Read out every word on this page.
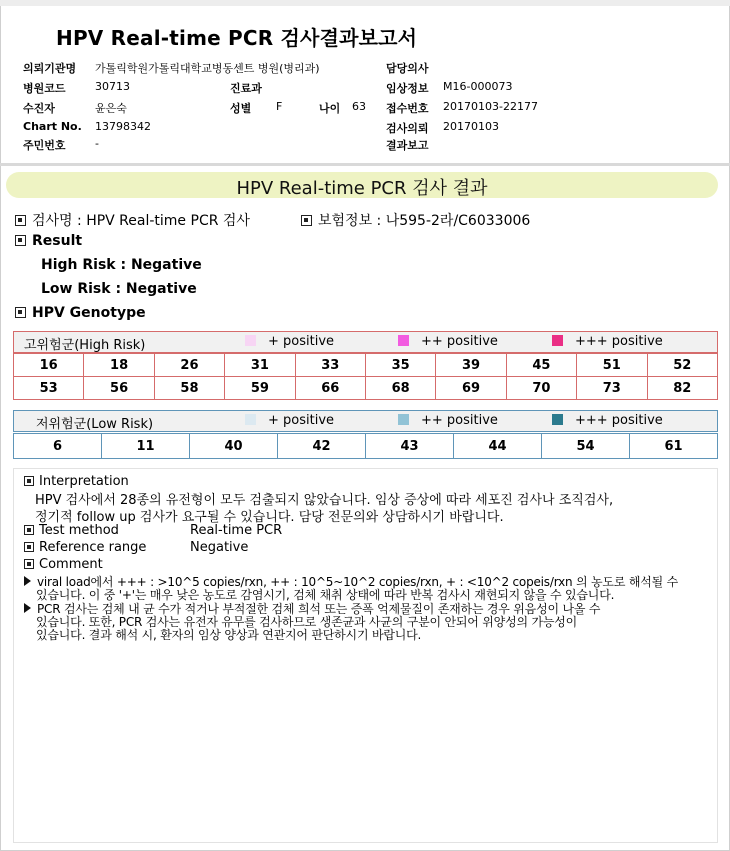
HPV Real-time PCR 검사결과보고서
의뢰기관명 가톨릭학원가톨릭대학교병동센트 병원(병리과)	담당의사
병원코드	30713	진료과	임상정보 M16-000073
수진자	윤은숙	성별 F	나이 63 접수번호 20170103-22177
Chart No. 13798342	검사의뢰 20170103
주민번호	-	결과보고
HPV Real-time PCR 검사 결과
검사명 : HPV Real-time PCR 검사	보험정보 : 나595-2라/C6033006
Result
High Risk : Negative
Low Risk : Negative
HPV Genotype
고위험군(High Risk)	+ positive	++ positive	+++ positive
16	18	26	31	33	35	39	45	51	52
53	56	58	59	66	68	69	70	73	82
저위험군(Low Risk)	+ positive	++ positive	+++ positive
6	11	40	42	43	44	54	61
Interpretation
HPV 검사에서 28종의 유전형이 모두 검출되지 않았습니다. 임상 증상에 따라 세포진 검사나 조직검사,
정기적 follow up 검사가 요구될 수 있습니다. 담당 전문의와 상담하시기 바랍니다.
Test method	Real-time PCR
Reference range	Negative
Comment
viral load에서 +++ : >10^5 copies/rxn, ++ : 10^5~10^2 copies/rxn, + : <10^2 copeis/rxn 의 농도로 해석될 수
있습니다. 이 중 '+'는 매우 낮은 농도로 감염시기, 검체 채취 상태에 따라 반복 검사시 재현되지 않을 수 있습니다.
PCR 검사는 검체 내 균 수가 적거나 부적절한 검체 희석 또는 증폭 억제물질이 존재하는 경우 위음성이 나올 수
있습니다. 또한, PCR 검사는 유전자 유무를 검사하므로 생존균과 사균의 구분이 안되어 위양성의 가능성이
있습니다. 결과 해석 시, 환자의 임상 양상과 연관지어 판단하시기 바랍니다.
